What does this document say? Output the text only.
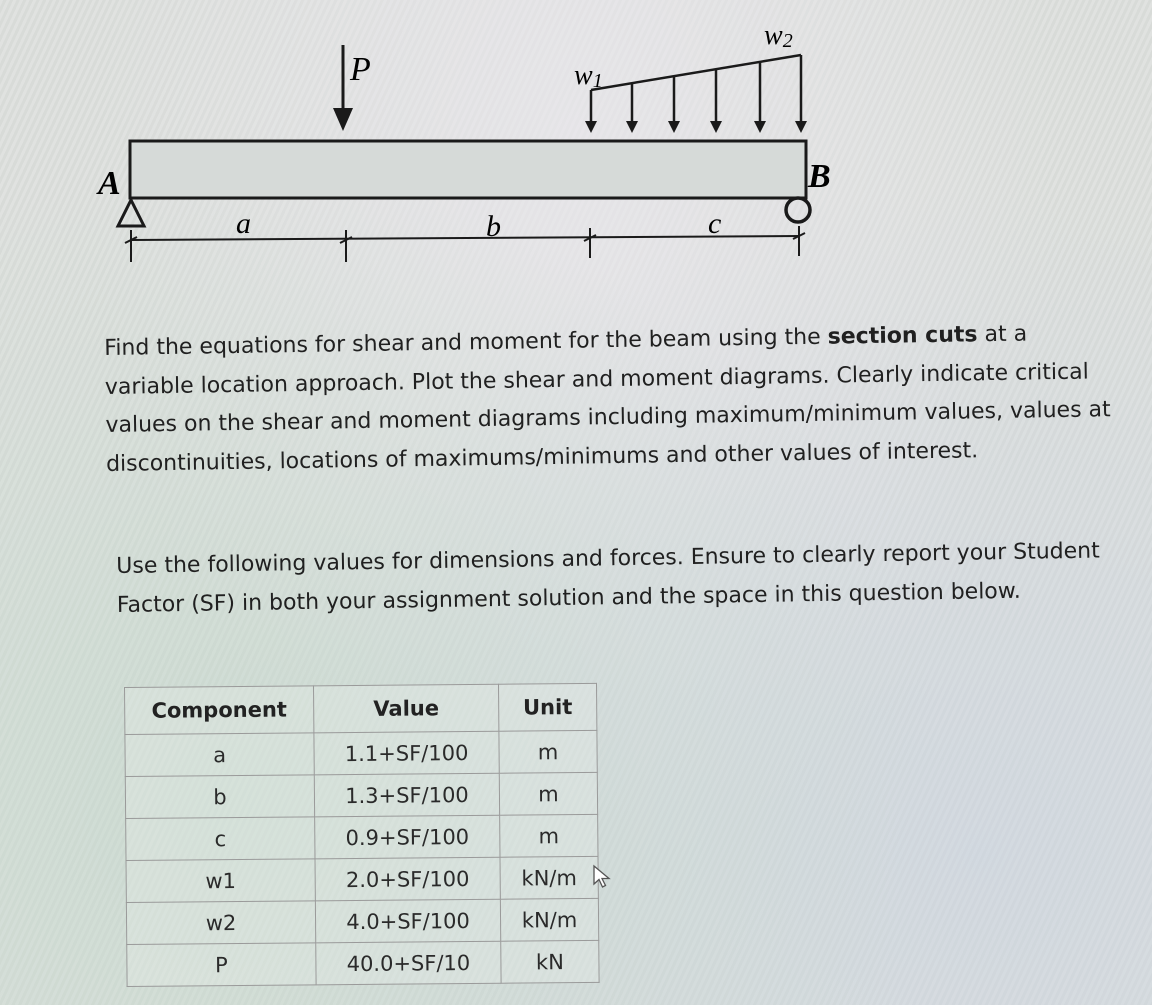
P	w1
w2
A	B
a	b	c

Find the equations for shear and moment for the beam using the section cuts at a variable location approach. Plot the shear and moment diagrams. Clearly indicate critical values on the shear and moment diagrams including maximum/minimum values, values at discontinuities, locations of maximums/minimums and other values of interest.

Use the following values for dimensions and forces. Ensure to clearly report your Student Factor (SF) in both your assignment solution and the space in this question below.

Component	Value	Unit
a	1.1+SF/100	m
b	1.3+SF/100	m
c	0.9+SF/100	m
w1	2.0+SF/100	kN/m
w2	4.0+SF/100	kN/m
P	40.0+SF/10	kN
